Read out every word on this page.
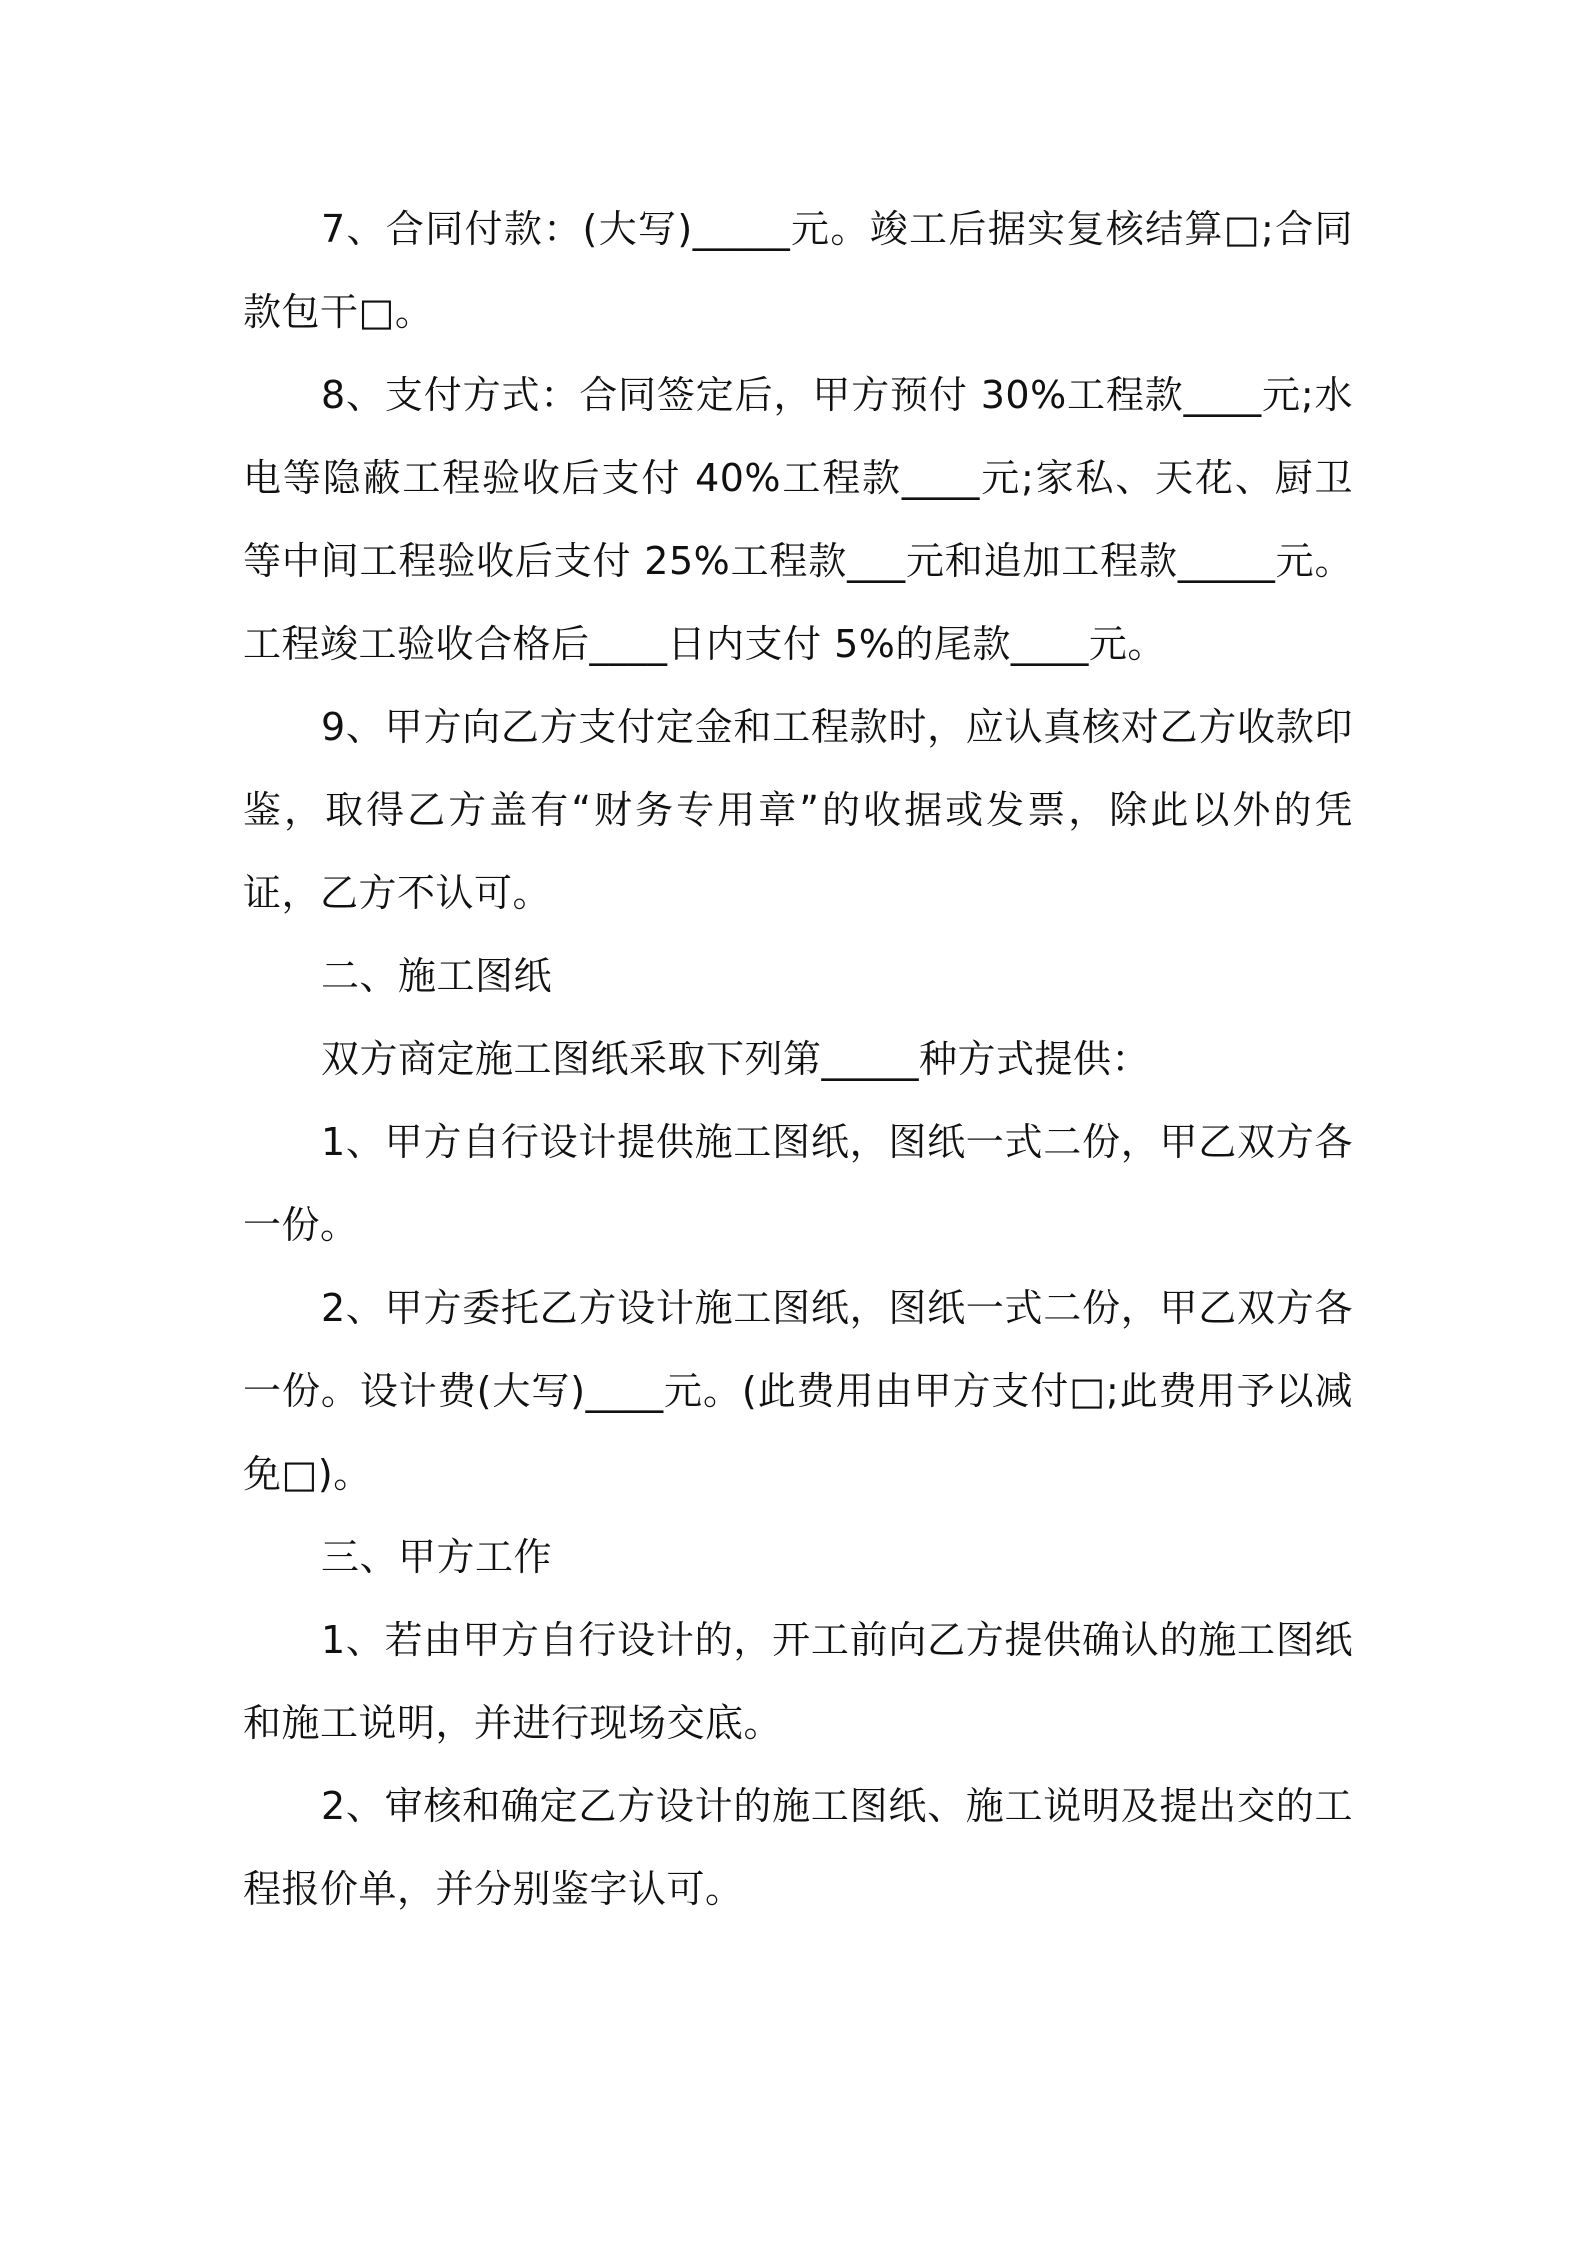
7、合同付款：(大写)_____元。竣工后据实复核结算□;合同款包干□。

8、支付方式：合同签定后，甲方预付 30%工程款____元;水电等隐蔽工程验收后支付 40%工程款____元;家私、天花、厨卫等中间工程验收后支付 25%工程款___元和追加工程款_____元。工程竣工验收合格后____日内支付 5%的尾款____元。

9、甲方向乙方支付定金和工程款时，应认真核对乙方收款印鉴，取得乙方盖有“财务专用章”的收据或发票，除此以外的凭证，乙方不认可。

二、施工图纸

双方商定施工图纸采取下列第_____种方式提供：

1、甲方自行设计提供施工图纸，图纸一式二份，甲乙双方各一份。

2、甲方委托乙方设计施工图纸，图纸一式二份，甲乙双方各一份。设计费(大写)____元。(此费用由甲方支付□;此费用予以减免□)。

三、甲方工作

1、若由甲方自行设计的，开工前向乙方提供确认的施工图纸和施工说明，并进行现场交底。

2、审核和确定乙方设计的施工图纸、施工说明及提出交的工程报价单，并分别鉴字认可。
